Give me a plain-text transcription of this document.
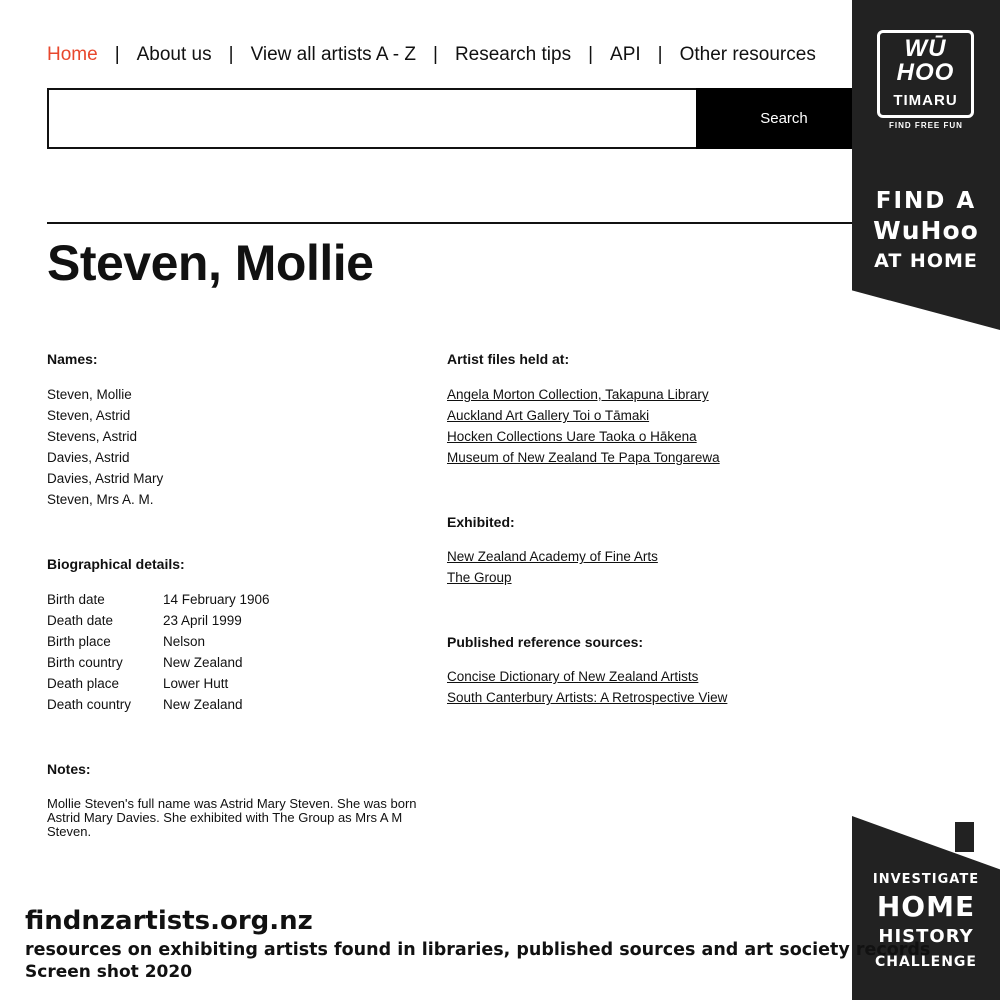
Home | About us | View all artists A - Z | Research tips | API | Other resources
Search
Steven, Mollie
Names:
Steven, Mollie
Steven, Astrid
Stevens, Astrid
Davies, Astrid
Davies, Astrid Mary
Steven, Mrs A. M.
Biographical details:
Birth date	14 February 1906
Death date	23 April 1999
Birth place	Nelson
Birth country	New Zealand
Death place	Lower Hutt
Death country	New Zealand
Notes:

Mollie Steven's full name was Astrid Mary Steven. She was born Astrid Mary Davies. She exhibited with The Group as Mrs A M Steven.

Artist files held at:
Angela Morton Collection, Takapuna Library
Auckland Art Gallery Toi o Tāmaki
Hocken Collections Uare Taoka o Hākena
Museum of New Zealand Te Papa Tongarewa
Exhibited:
New Zealand Academy of Fine Arts
The Group
Published reference sources:
Concise Dictionary of New Zealand Artists
South Canterbury Artists: A Retrospective View
WŪ
HOO
TIMARU
FIND FREE FUN
FIND A
WuHoo
AT HOME
INVESTIGATE
HOME
HISTORY
CHALLENGE
findnzartists.org.nz
resources on exhibiting artists found in libraries, published sources and art society records
Screen shot 2020
